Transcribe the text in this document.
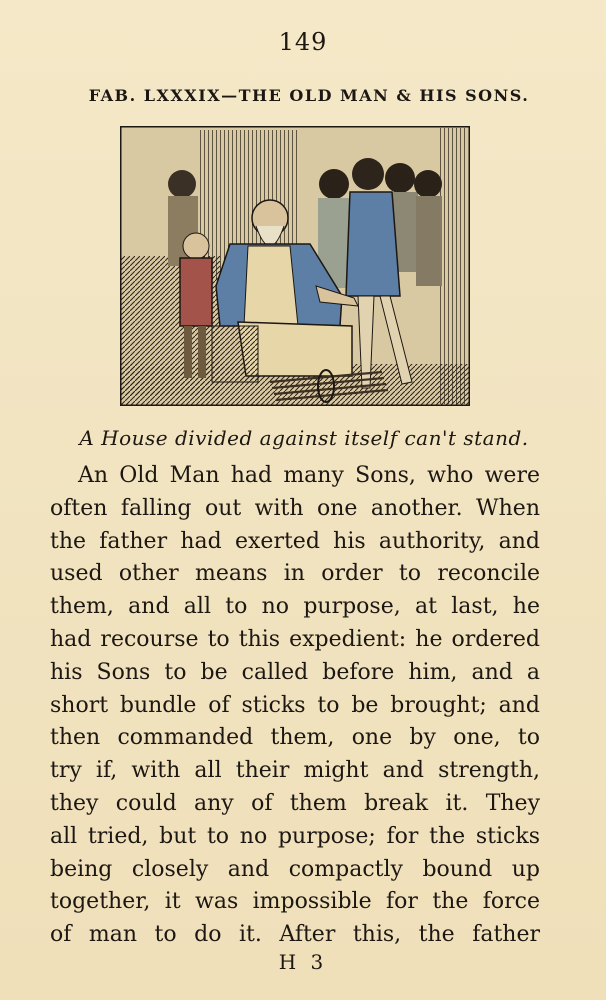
149
FAB. LXXXIX—THE OLD MAN & HIS SONS.
A House divided against itself can't stand.
An Old Man had many Sons, who were
often falling out with one another. When
the father had exerted his authority, and
used other means in order to reconcile
them, and all to no purpose, at last, he
had recourse to this expedient: he ordered
his Sons to be called before him, and a
short bundle of sticks to be brought; and
then commanded them, one by one, to
try if, with all their might and strength,
they could any of them break it. They
all tried, but to no purpose; for the sticks
being closely and compactly bound up
together, it was impossible for the force
of man to do it. After this, the father
H 3
